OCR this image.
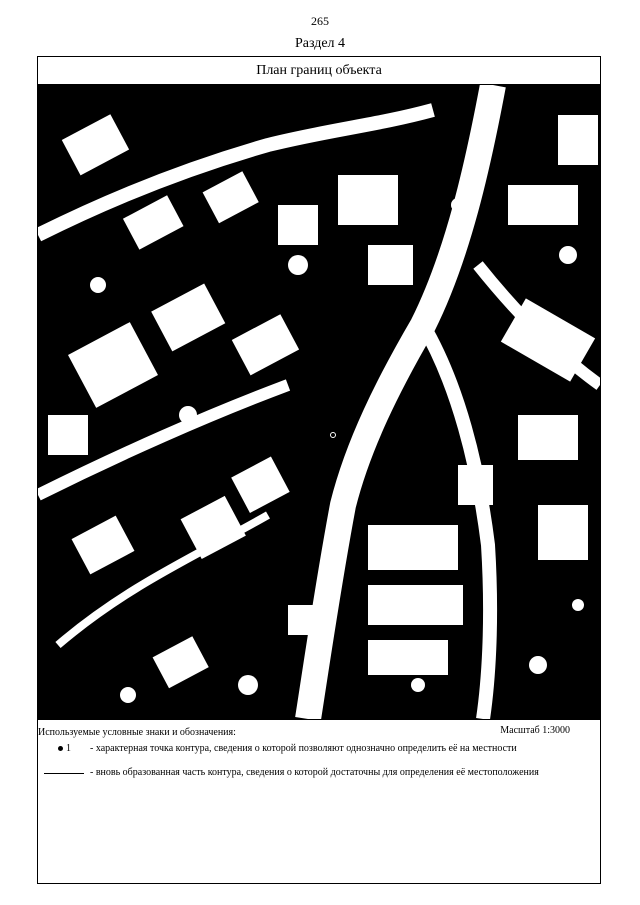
265
Раздел 4
План границ объекта
Используемые условные знаки и обозначения:	Масштаб 1:3000
1 - характерная точка контура, сведения о которой позволяют однозначно определить её на местности
- вновь образованная часть контура, сведения о которой достаточны для определения её местоположения
